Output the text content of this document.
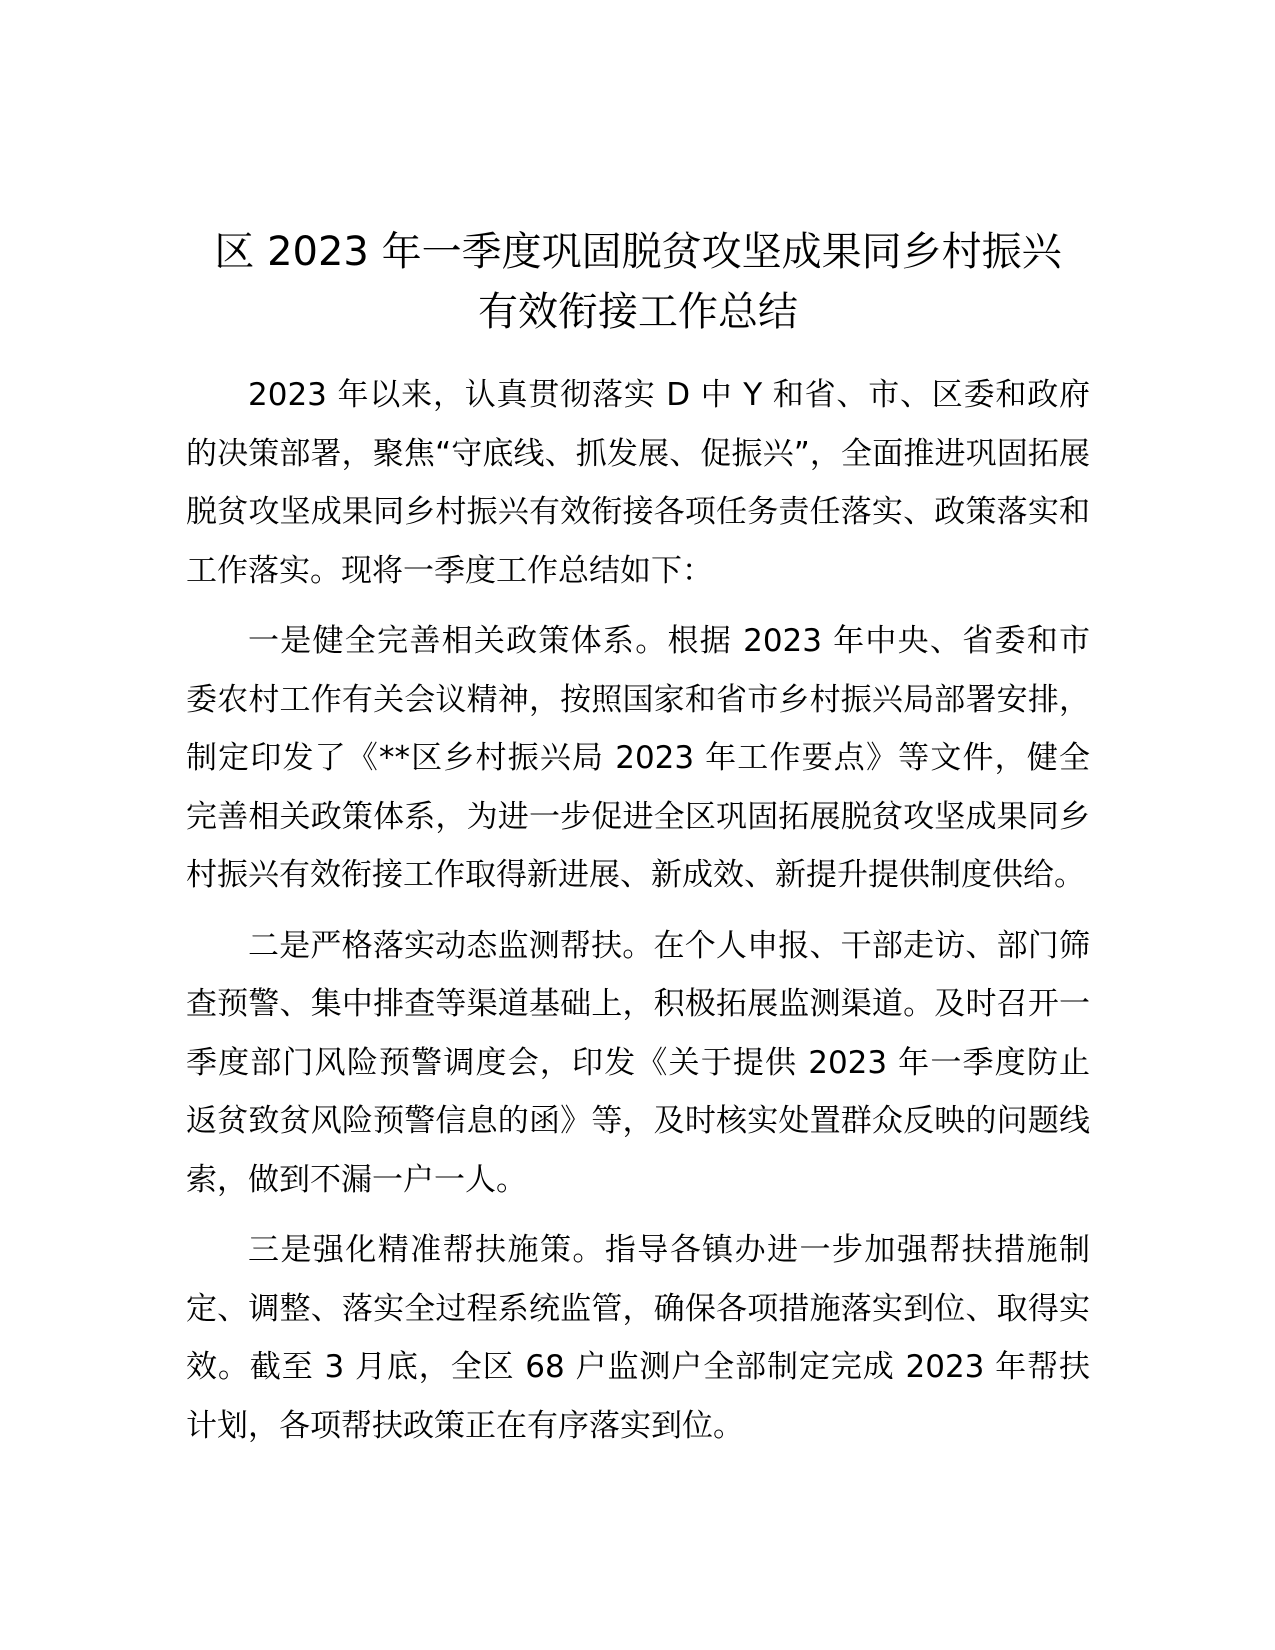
区 2023 年一季度巩固脱贫攻坚成果同乡村振兴
有效衔接工作总结

2023 年以来，认真贯彻落实 D 中 Y 和省、市、区委和政府的决策部署，聚焦“守底线、抓发展、促振兴”，全面推进巩固拓展脱贫攻坚成果同乡村振兴有效衔接各项任务责任落实、政策落实和工作落实。现将一季度工作总结如下：

一是健全完善相关政策体系。根据 2023 年中央、省委和市委农村工作有关会议精神，按照国家和省市乡村振兴局部署安排，制定印发了《**区乡村振兴局 2023 年工作要点》等文件，健全完善相关政策体系，为进一步促进全区巩固拓展脱贫攻坚成果同乡村振兴有效衔接工作取得新进展、新成效、新提升提供制度供给。

二是严格落实动态监测帮扶。在个人申报、干部走访、部门筛查预警、集中排查等渠道基础上，积极拓展监测渠道。及时召开一季度部门风险预警调度会，印发《关于提供 2023 年一季度防止返贫致贫风险预警信息的函》等，及时核实处置群众反映的问题线索，做到不漏一户一人。

三是强化精准帮扶施策。指导各镇办进一步加强帮扶措施制定、调整、落实全过程系统监管，确保各项措施落实到位、取得实效。截至 3 月底，全区 68 户监测户全部制定完成 2023 年帮扶计划，各项帮扶政策正在有序落实到位。
